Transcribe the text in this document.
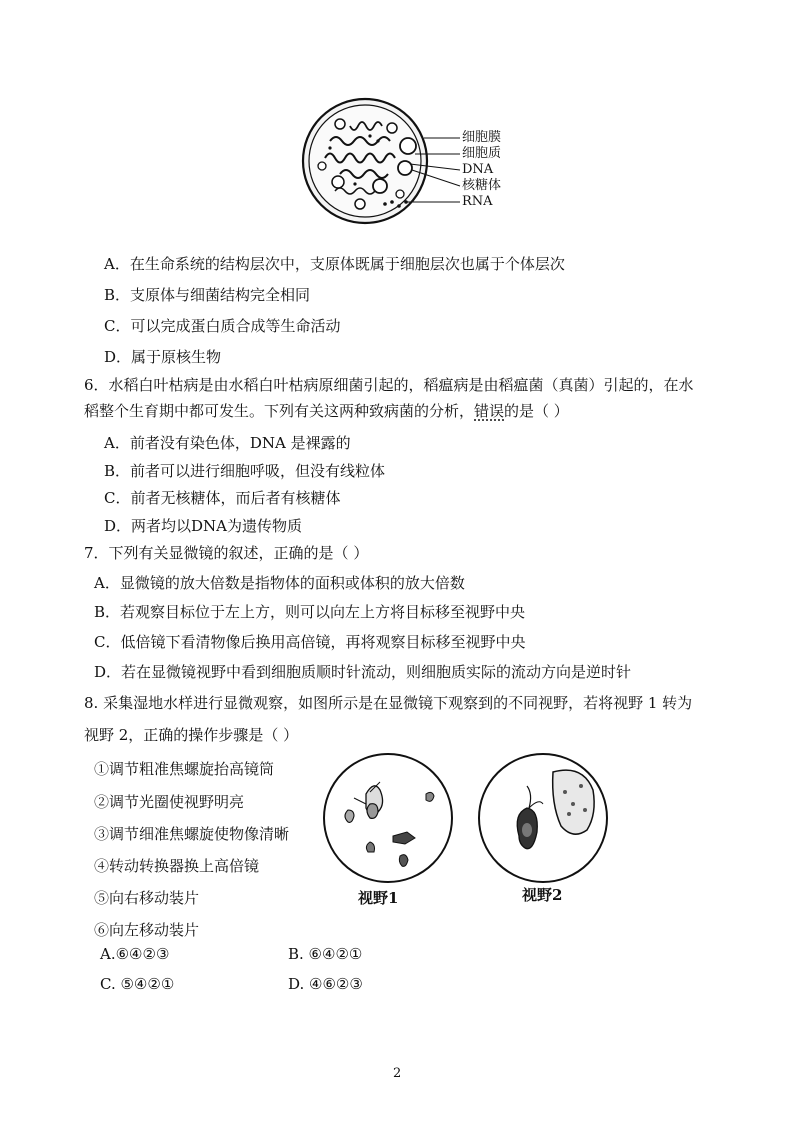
细胞膜
细胞质
DNA
核糖体
RNA
A．在生命系统的结构层次中，支原体既属于细胞层次也属于个体层次
B．支原体与细菌结构完全相同
C．可以完成蛋白质合成等生命活动
D．属于原核生物
6．水稻白叶枯病是由水稻白叶枯病原细菌引起的，稻瘟病是由稻瘟菌（真菌）引起的，在水
稻整个生育期中都可发生。下列有关这两种致病菌的分析，错误的是（ ）
A．前者没有染色体，DNA 是裸露的
B．前者可以进行细胞呼吸，但没有线粒体
C．前者无核糖体，而后者有核糖体
D．两者均以DNA为遗传物质
7．下列有关显微镜的叙述，正确的是（ ）
A．显微镜的放大倍数是指物体的面积或体积的放大倍数
B．若观察目标位于左上方，则可以向左上方将目标移至视野中央
C．低倍镜下看清物像后换用高倍镜，再将观察目标移至视野中央
D．若在显微镜视野中看到细胞质顺时针流动，则细胞质实际的流动方向是逆时针
8. 采集湿地水样进行显微观察，如图所示是在显微镜下观察到的不同视野，若将视野 1 转为
视野 2，正确的操作步骤是（ ）
①调节粗准焦螺旋抬高镜筒
②调节光圈使视野明亮
③调节细准焦螺旋使物像清晰
④转动转换器换上高倍镜
⑤向右移动装片
⑥向左移动装片
视野1	视野2
A.⑥④②③	B. ⑥④②①
C. ⑤④②①	D. ④⑥②③
2
